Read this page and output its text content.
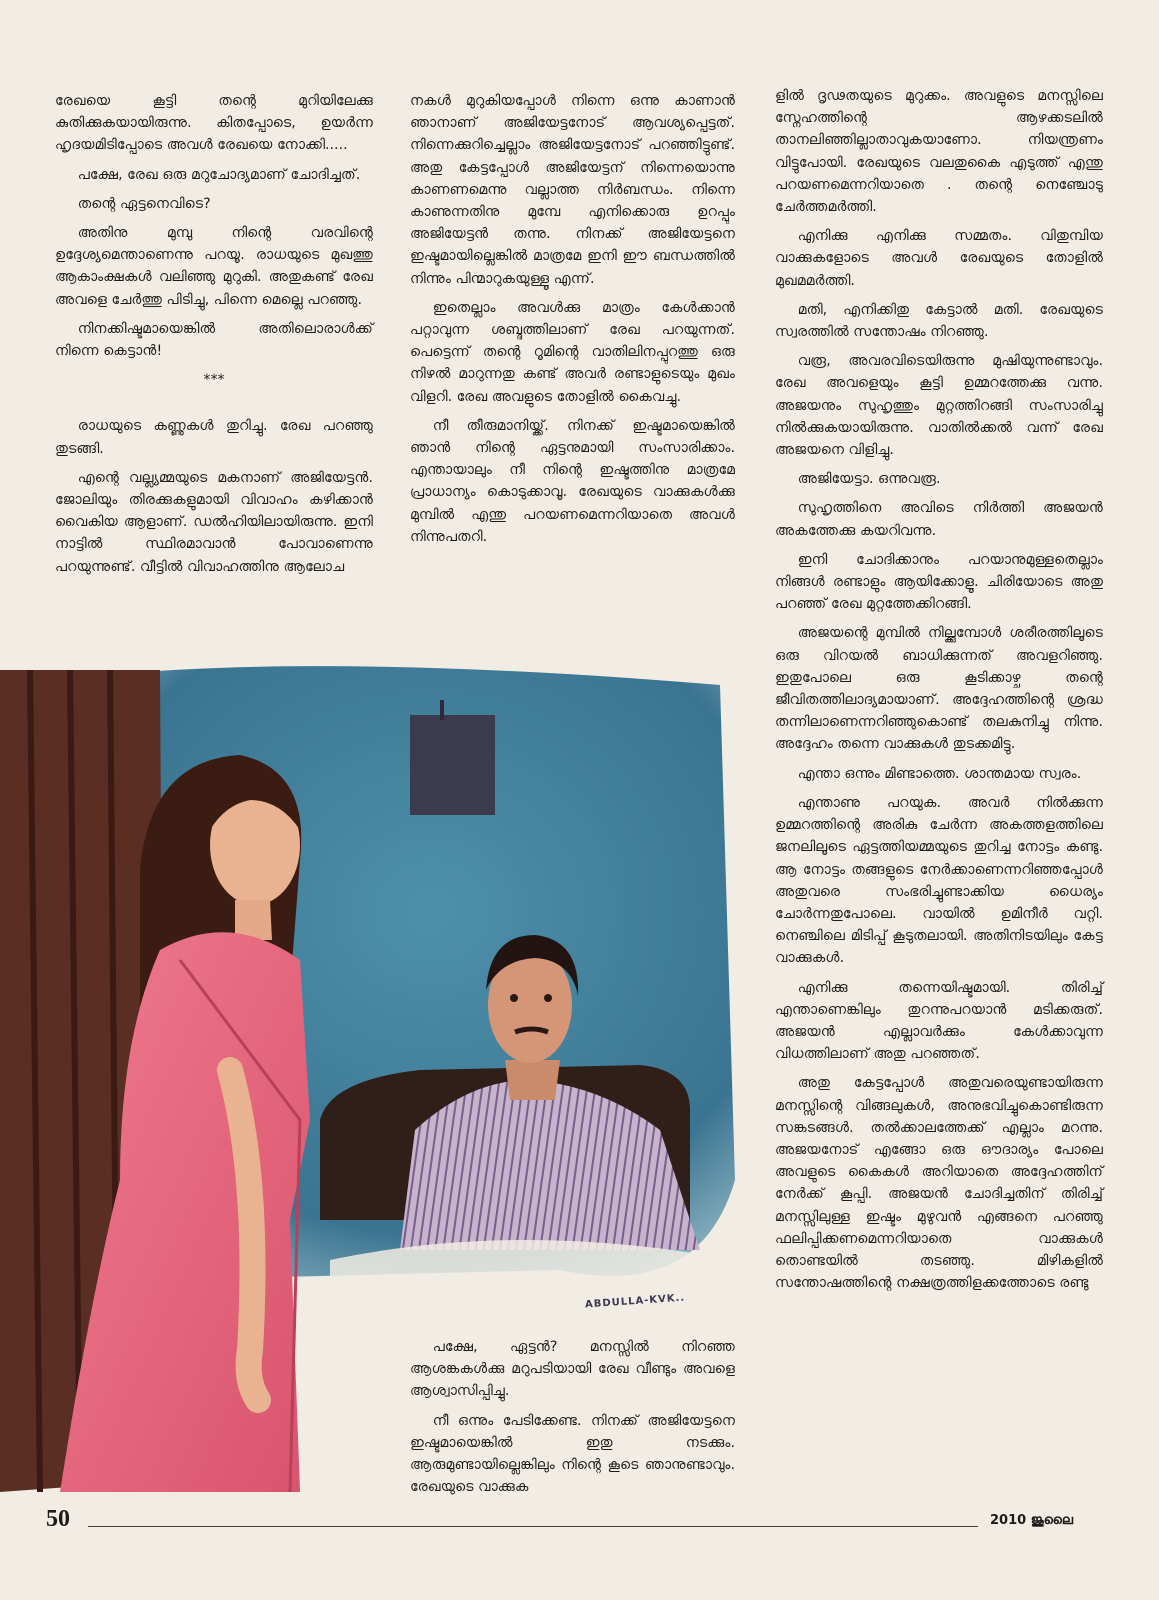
രേഖയെ കൂട്ടി തന്റെ മുറിയിലേക്കു കുതിക്കുകയായിരുന്നു. കിതപ്പോടെ, ഉയർന്ന ഹൃദയമിടിപ്പോടെ അവൾ രേഖയെ നോക്കി.....

പക്ഷേ, രേഖ ഒരു മറുചോദ്യമാണ് ചോദിച്ചത്.

തന്റെ ഏട്ടനെവിടെ?

അതിനു മുമ്പു നിന്റെ വരവിന്റെ ഉദ്ദേശ്യമെന്താണെന്നു പറയൂ. രാധയുടെ മുഖത്തു ആകാംക്ഷകൾ വലിഞ്ഞു മുറുകി. അതുകണ്ട് രേഖ അവളെ ചേർത്തു പിടിച്ചു, പിന്നെ മെല്ലെ പറഞ്ഞു.

നിനക്കിഷ്ടമായെങ്കിൽ അതിലൊരാൾക്ക് നിന്നെ കെട്ടാൻ!

***

രാധയുടെ കണ്ണുകൾ തുറിച്ചു. രേഖ പറഞ്ഞു തുടങ്ങി.

എന്റെ വല്ല്യമ്മയുടെ മകനാണ് അജിയേട്ടൻ. ജോലിയും തിരക്കുകളുമായി വിവാഹം കഴിക്കാൻ വൈകിയ ആളാണ്. ഡൽഹിയിലായിരുന്നു. ഇനി നാട്ടിൽ സ്ഥിരമാവാൻ പോവാണെന്നു പറയുന്നുണ്ട്. വീട്ടിൽ വിവാഹത്തിനു ആലോച

നകൾ മുറുകിയപ്പോൾ നിന്നെ ഒന്നു കാണാൻ ഞാനാണ് അജിയേട്ടനോട് ആവശ്യപ്പെട്ടത്. നിന്നെക്കുറിച്ചെല്ലാം അജിയേട്ടനോട് പറഞ്ഞിട്ടുണ്ട്. അതു കേട്ടപ്പോൾ അജിയേട്ടന് നിന്നെയൊന്നു കാണണമെന്നു വല്ലാത്ത നിർബന്ധം. നിന്നെ കാണുന്നതിനു മുമ്പേ എനിക്കൊരു ഉറപ്പും അജിയേട്ടൻ തന്നു. നിനക്ക് അജിയേട്ടനെ ഇഷ്ടമായില്ലെങ്കിൽ മാത്രമേ ഇനി ഈ ബന്ധത്തിൽ നിന്നും പിന്മാറുകയുള്ളൂ എന്ന്.

ഇതെല്ലാം അവൾക്കു മാത്രം കേൾക്കാൻ പറ്റാവുന്ന ശബ്ദത്തിലാണ് രേഖ പറയുന്നത്. പെട്ടെന്ന് തന്റെ റൂമിന്റെ വാതിലിനപ്പുറത്തു ഒരു നിഴൽ മാറുന്നതു കണ്ട് അവർ രണ്ടാളുടെയും മുഖം വിളറി. രേഖ അവളുടെ തോളിൽ കൈവച്ചു.

നീ തീരുമാനിയ്ക്ക്. നിനക്ക് ഇഷ്ടമായെങ്കിൽ ഞാൻ നിന്റെ ഏട്ടനുമായി സംസാരിക്കാം. എന്തായാലും നീ നിന്റെ ഇഷ്ടത്തിനു മാത്രമേ പ്രാധാന്യം കൊടുക്കാവൂ. രേഖയുടെ വാക്കുകൾക്കു മുമ്പിൽ എന്തു പറയണമെന്നറിയാതെ അവൾ നിന്നുപതറി.

ളിൽ ദൃഢതയുടെ മുറുക്കം. അവളുടെ മനസ്സിലെ സ്നേഹത്തിന്റെ ആഴക്കടലിൽ താനലിഞ്ഞില്ലാതാവുകയാണോ. നിയന്ത്രണം വിട്ടുപോയി. രേഖയുടെ വലതുകൈ എടുത്ത് എന്തു പറയണമെന്നറിയാതെ . തന്റെ നെഞ്ചോടു ചേർത്തമർത്തി.

എനിക്കു എനിക്കു സമ്മതം. വിതുമ്പിയ വാക്കുകളോടെ അവൾ രേഖയുടെ തോളിൽ മുഖമമർത്തി.

മതി, എനിക്കിതു കേട്ടാൽ മതി. രേഖയുടെ സ്വരത്തിൽ സന്തോഷം നിറഞ്ഞു.

വരൂ, അവരവിടെയിരുന്നു മുഷിയുന്നുണ്ടാവും. രേഖ അവളെയും കൂട്ടി ഉമ്മറത്തേക്കു വന്നു. അജയനും സുഹൃത്തും മുറ്റത്തിറങ്ങി സംസാരിച്ചു നിൽക്കുകയായിരുന്നു. വാതിൽക്കൽ വന്ന് രേഖ അജയനെ വിളിച്ചു.

അജിയേട്ടാ. ഒന്നുവരൂ.

സുഹൃത്തിനെ അവിടെ നിർത്തി അജയൻ അകത്തേക്കു കയറിവന്നു.

ഇനി ചോദിക്കാനും പറയാനുമുള്ളതെല്ലാം നിങ്ങൾ രണ്ടാളും ആയിക്കോളൂ. ചിരിയോടെ അതു പറഞ്ഞ് രേഖ മുറ്റത്തേക്കിറങ്ങി.

അജയന്റെ മുമ്പിൽ നില്ക്കുമ്പോൾ ശരീരത്തിലൂടെ ഒരു വിറയൽ ബാധിക്കുന്നത് അവളറിഞ്ഞു. ഇതുപോലെ ഒരു കൂടിക്കാഴ്ച തന്റെ ജീവിതത്തിലാദ്യമായാണ്. അദ്ദേഹത്തിന്റെ ശ്രദ്ധ തന്നിലാണെന്നറിഞ്ഞുകൊണ്ട് തലകുനിച്ചു നിന്നു. അദ്ദേഹം തന്നെ വാക്കുകൾ തുടക്കമിട്ടു.

എന്താ ഒന്നും മിണ്ടാത്തെ. ശാന്തമായ സ്വരം.

എന്താണു പറയുക. അവർ നിൽക്കുന്ന ഉമ്മറത്തിന്റെ അരികു ചേർന്ന അകത്തളത്തിലെ ജനലിലൂടെ ഏട്ടത്തിയമ്മയുടെ തുറിച്ച നോട്ടം കണ്ടു. ആ നോട്ടം തങ്ങളുടെ നേർക്കാണെന്നറിഞ്ഞപ്പോൾ അതുവരെ സംഭരിച്ചുണ്ടാക്കിയ ധൈര്യം ചോർന്നതുപോലെ. വായിൽ ഉമിനീർ വറ്റി. നെഞ്ചിലെ മിടിപ്പ് കൂടുതലായി. അതിനിടയിലും കേട്ട വാക്കുകൾ.

എനിക്കു തന്നെയിഷ്ടമായി. തിരിച്ച് എന്താണെങ്കിലും തുറന്നുപറയാൻ മടിക്കരുത്. അജയൻ എല്ലാവർക്കും കേൾക്കാവുന്ന വിധത്തിലാണ് അതു പറഞ്ഞത്.

അതു കേട്ടപ്പോൾ അതുവരെയുണ്ടായിരുന്ന മനസ്സിന്റെ വിങ്ങലുകൾ, അനുഭവിച്ചുകൊണ്ടിരുന്ന സങ്കടങ്ങൾ. തൽക്കാലത്തേക്ക് എല്ലാം മറന്നു. അജയനോട് എങ്ങോ ഒരു ഔദാര്യം പോലെ അവളുടെ കൈകൾ അറിയാതെ അദ്ദേഹത്തിന് നേർക്ക് കൂപ്പി. അജയൻ ചോദിച്ചതിന് തിരിച്ച് മനസ്സിലുള്ള ഇഷ്ടം മുഴുവൻ എങ്ങനെ പറഞ്ഞു ഫലിപ്പിക്കണമെന്നറിയാതെ വാക്കുകൾ തൊണ്ടയിൽ തടഞ്ഞു. മിഴികളിൽ സന്തോഷത്തിന്റെ നക്ഷത്രത്തിളക്കത്തോടെ രണ്ടു

ABDULLA-KVK..

പക്ഷേ, ഏട്ടൻ? മനസ്സിൽ നിറഞ്ഞ ആശങ്കകൾക്കു മറുപടിയായി രേഖ വീണ്ടും അവളെ ആശ്വാസിപ്പിച്ചു.

നീ ഒന്നും പേടിക്കേണ്ട. നിനക്ക് അജിയേട്ടനെ ഇഷ്ടമായെങ്കിൽ ഇതു നടക്കും. ആരുമുണ്ടായില്ലെങ്കിലും നിന്റെ കൂടെ ഞാനുണ്ടാവും. രേഖയുടെ വാക്കുക

50	2010 ജൂലൈ
